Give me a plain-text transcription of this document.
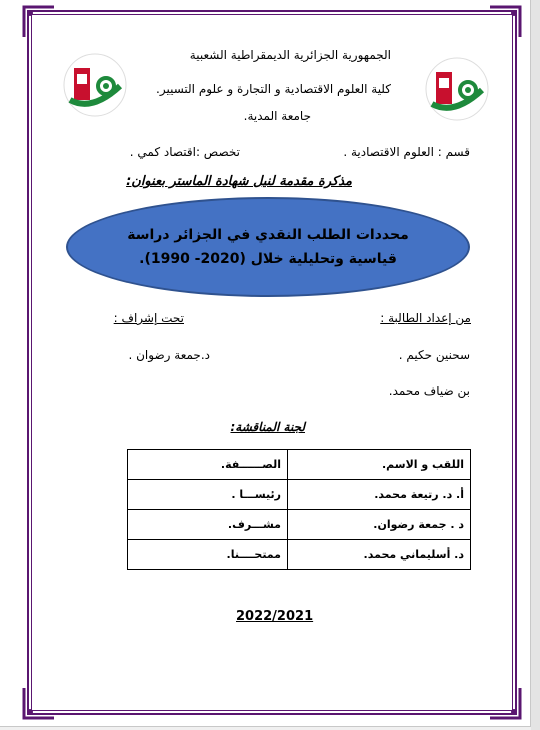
الجمهورية الجزائرية الديمقراطية الشعبية
كلية العلوم الاقتصادية و التجارة و علوم التسيير.
جامعة المدية.
قسم : العلوم الاقتصادية .
تخصص :اقتصاد كمي .
مذكرة مقدمة لنيل شهادة الماستر بعنوان:
محددات الطلب النقدي في الجزائر دراسة
قياسية وتحليلية خلال (2020- 1990).
من إعداد الطالبة :
تحت إشراف :
سحنين حكيم .
د.جمعة رضوان .
بن ضياف محمد.
لجنة المناقشة:
اللقب و الاسم.	الصــــــفة.
أ. د. رتيعة محمد.	رئيســـا .
د . جمعة رضوان.	مشـــرف.
د. أسليماني محمد.	ممتحــــنا.
2022/2021
